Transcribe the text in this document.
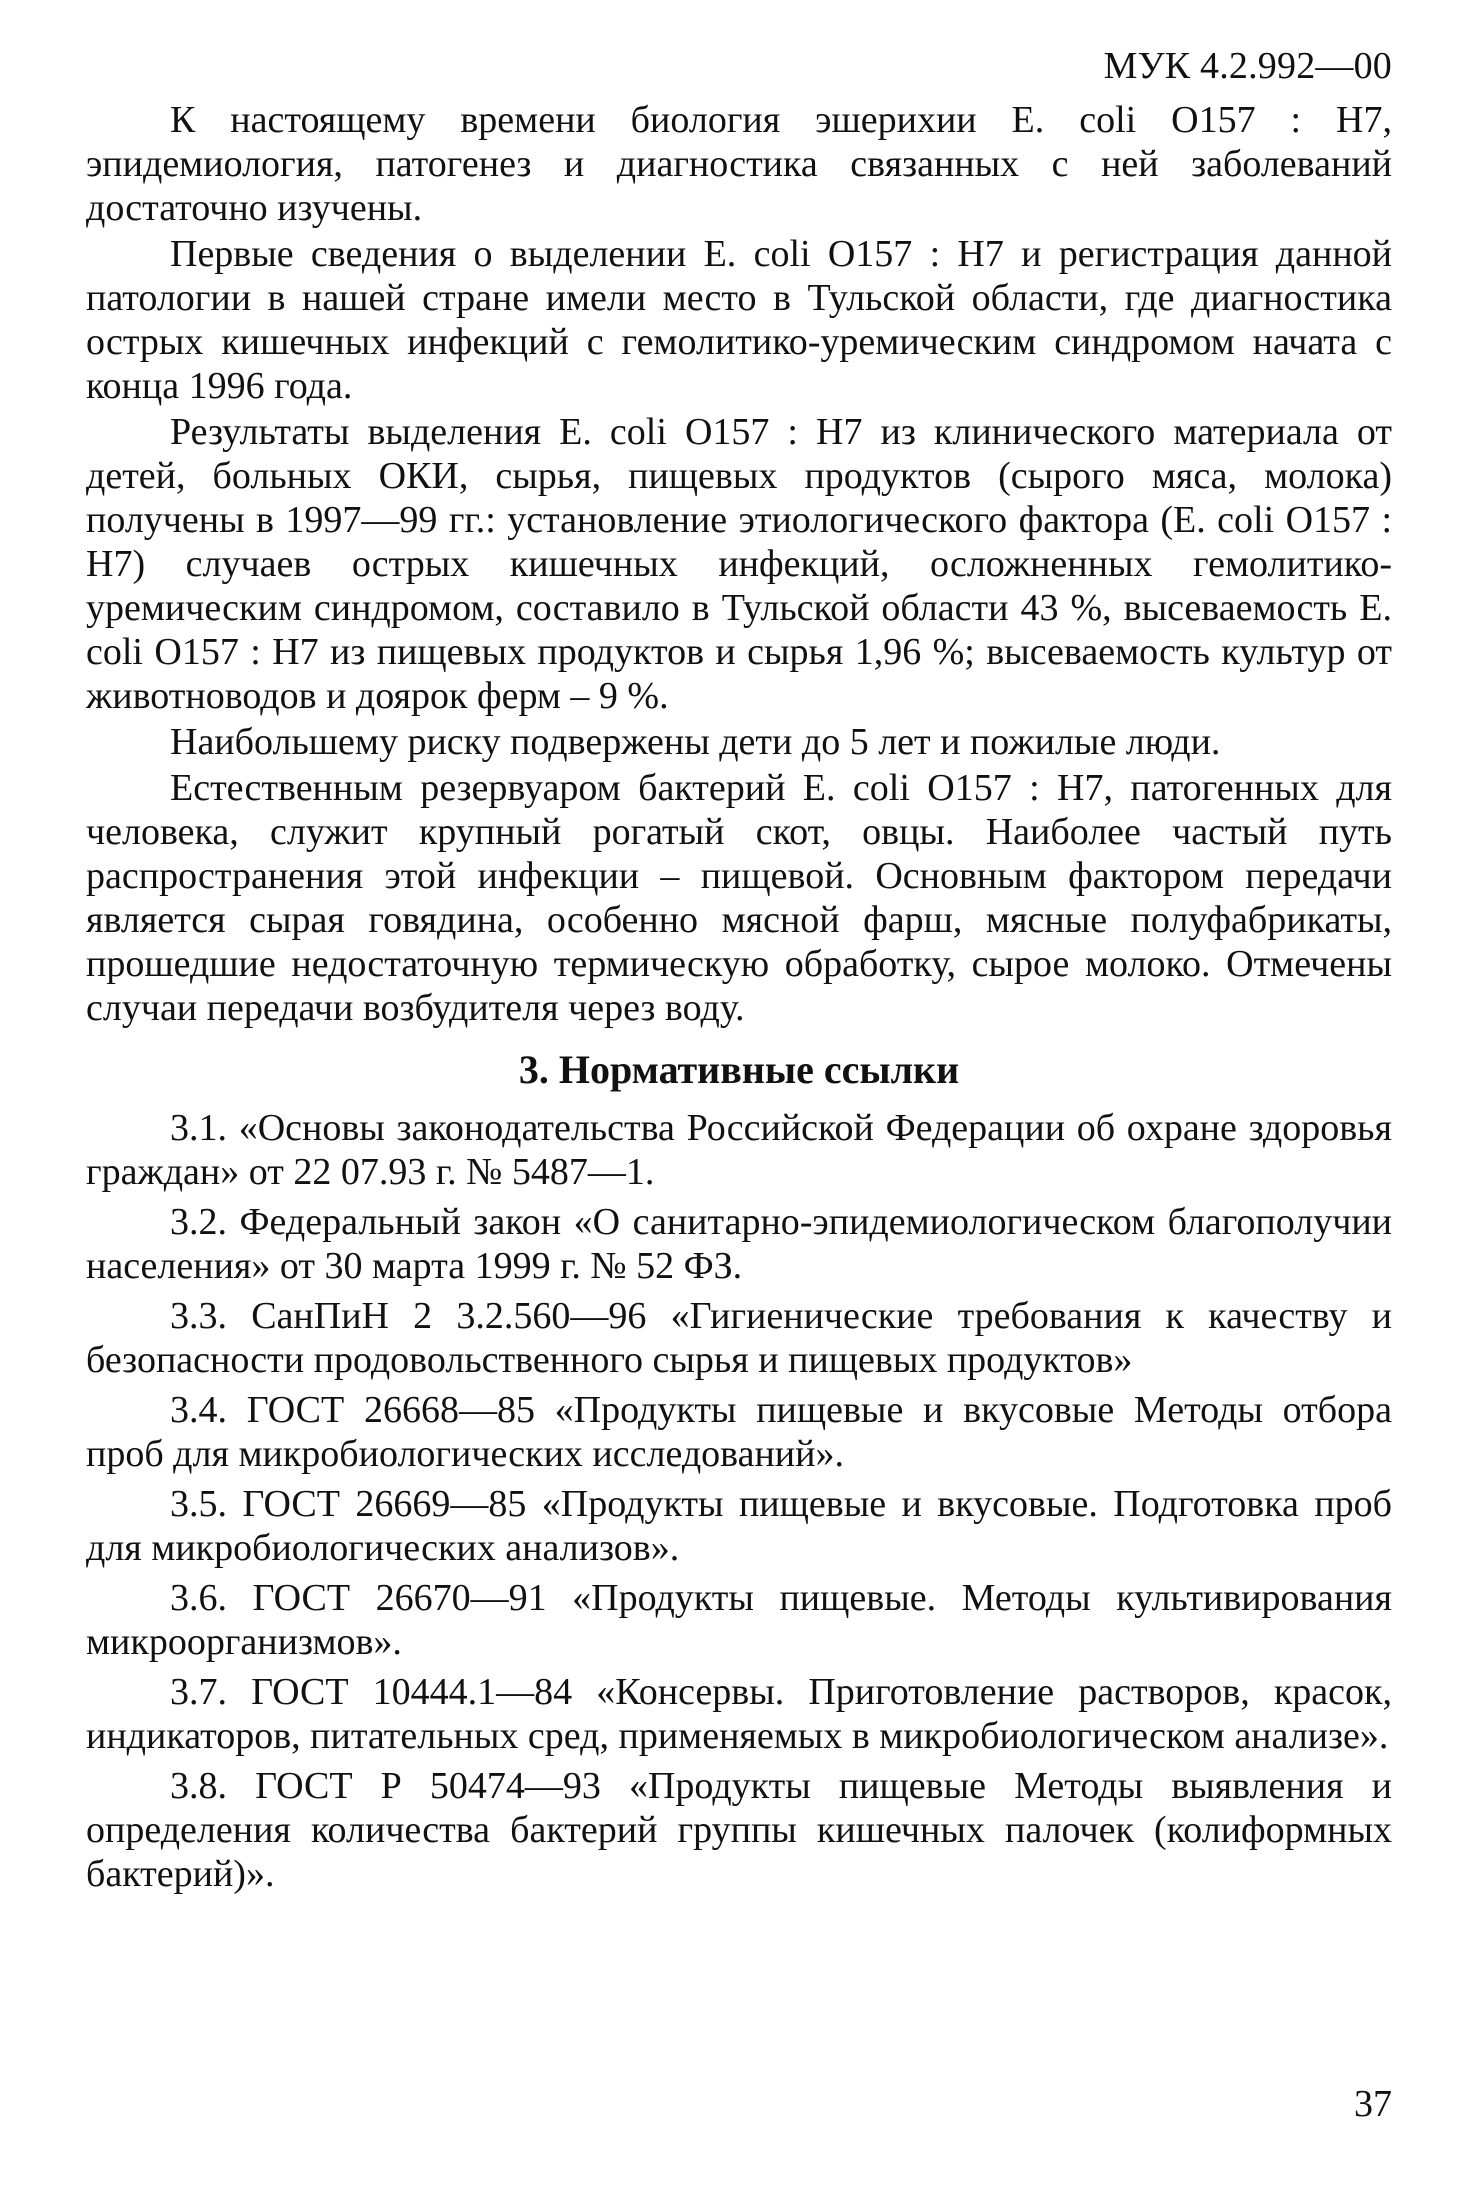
МУК 4.2.992—00

К настоящему времени биология эшерихии E. coli O157 : H7, эпидемиология, патогенез и диагностика связанных с ней заболеваний достаточно изучены.

Первые сведения о выделении E. coli O157 : H7 и регистрация данной патологии в нашей стране имели место в Тульской области, где диагностика острых кишечных инфекций с гемолитико-уремическим синдромом начата с конца 1996 года.

Результаты выделения E. coli O157 : H7 из клинического материала от детей, больных ОКИ, сырья, пищевых продуктов (сырого мяса, молока) получены в 1997—99 гг.: установление этиологического фактора (E. coli O157 : H7) случаев острых кишечных инфекций, осложненных гемолитико-уремическим синдромом, составило в Тульской области 43 %, высеваемость E. coli O157 : H7 из пищевых продуктов и сырья 1,96 %; высеваемость культур от животноводов и доярок ферм – 9 %.

Наибольшему риску подвержены дети до 5 лет и пожилые люди.

Естественным резервуаром бактерий E. coli O157 : H7, патогенных для человека, служит крупный рогатый скот, овцы. Наиболее частый путь распространения этой инфекции – пищевой. Основным фактором передачи является сырая говядина, особенно мясной фарш, мясные полуфабрикаты, прошедшие недостаточную термическую обработку, сырое молоко. Отмечены случаи передачи возбудителя через воду.

3. Нормативные ссылки

3.1. «Основы законодательства Российской Федерации об охране здоровья граждан» от 22 07.93 г. № 5487—1.

3.2. Федеральный закон «О санитарно-эпидемиологическом благополучии населения» от 30 марта 1999 г. № 52 ФЗ.

3.3. СанПиН 2 3.2.560—96 «Гигиенические требования к качеству и безопасности продовольственного сырья и пищевых продуктов»

3.4. ГОСТ 26668—85 «Продукты пищевые и вкусовые Методы отбора проб для микробиологических исследований».

3.5. ГОСТ 26669—85 «Продукты пищевые и вкусовые. Подготовка проб для микробиологических анализов».

3.6. ГОСТ 26670—91 «Продукты пищевые. Методы культивирования микроорганизмов».

3.7. ГОСТ 10444.1—84 «Консервы. Приготовление растворов, красок, индикаторов, питательных сред, применяемых в микробиологическом анализе».

3.8. ГОСТ Р 50474—93 «Продукты пищевые Методы выявления и определения количества бактерий группы кишечных палочек (колиформных бактерий)».

37
